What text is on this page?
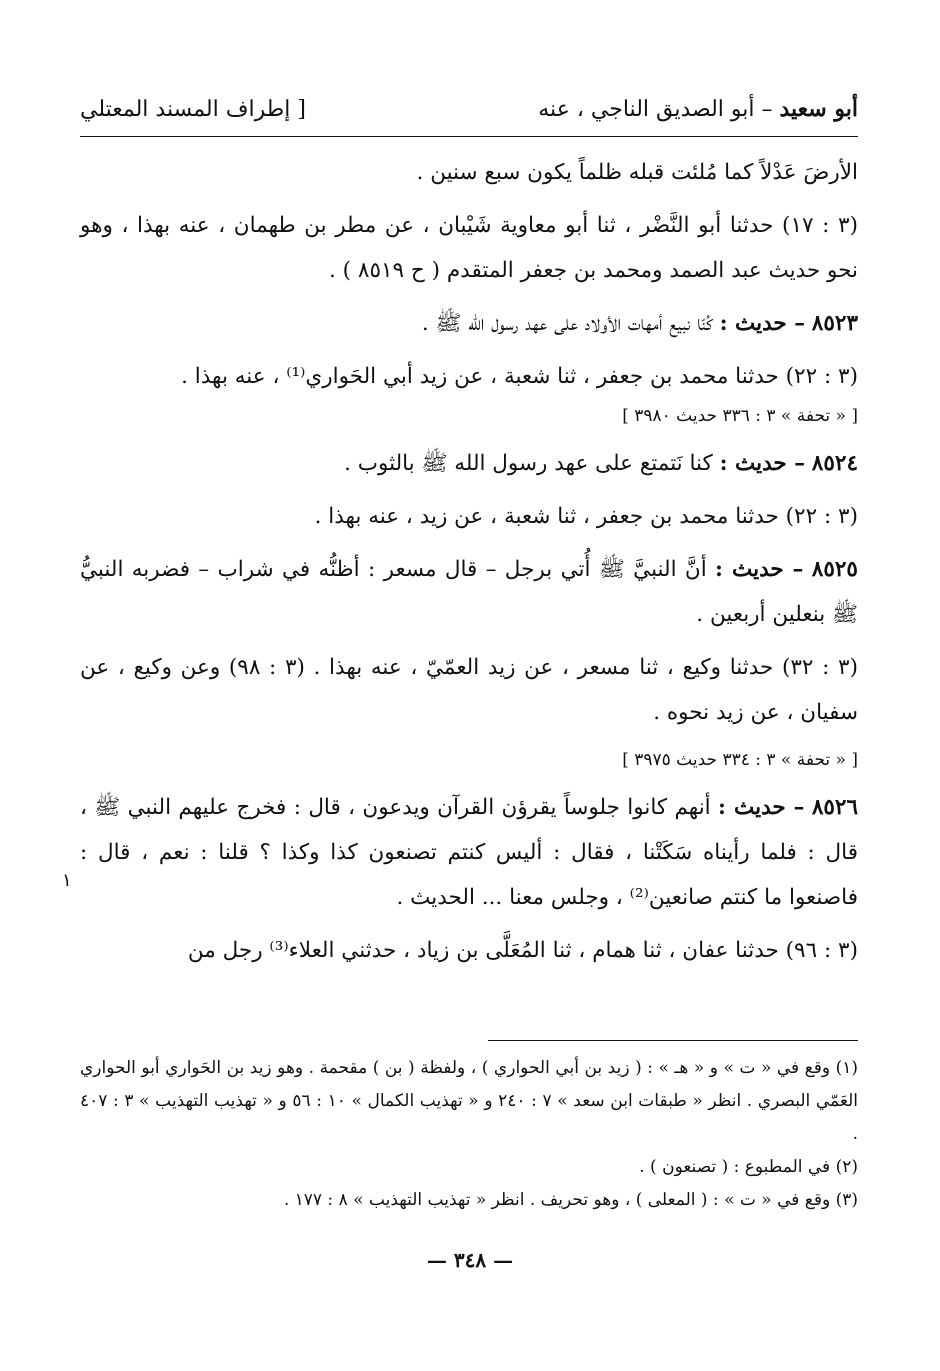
أبو سعيد – أبو الصديق الناجي ، عنه
[ إطراف المسند المعتلي

الأرضَ عَدْلاً كما مُلئت قبله ظلماً يكون سبع سنين .

(٣ : ١٧) حدثنا أبو النَّضْر ، ثنا أبو معاوية شَيْبان ، عن مطر بن طهمان ، عنه بهذا ، وهو نحو حديث عبد الصمد ومحمد بن جعفر المتقدم ( ح ٨٥١٩ ) .

٨٥٢٣ – حديث : كُنّا نبيع أمهات الأولاد على عهد رسول الله ﷺ .

(٣ : ٢٢) حدثنا محمد بن جعفر ، ثنا شعبة ، عن زيد أبي الحَواري⁽¹⁾ ، عنه بهذا .

[ « تحفة » ٣ : ٣٣٦ حديث ٣٩٨٠ ]

٨٥٢٤ – حديث : كنا نَتمتع على عهد رسول الله ﷺ بالثوب .

(٣ : ٢٢) حدثنا محمد بن جعفر ، ثنا شعبة ، عن زيد ، عنه بهذا .

٨٥٢٥ – حديث : أنَّ النبيَّ ﷺ أُتي برجل – قال مسعر : أظنُّه في شراب – فضربه النبيُّ ﷺ بنعلين أربعين .

(٣ : ٣٢) حدثنا وكيع ، ثنا مسعر ، عن زيد العمّيّ ، عنه بهذا . (٣ : ٩٨) وعن وكيع ، عن سفيان ، عن زيد نحوه .

[ « تحفة » ٣ : ٣٣٤ حديث ٣٩٧٥ ]

٨٥٢٦ – حديث : أنهم كانوا جلوساً يقرؤن القرآن ويدعون ، قال : فخرج عليهم النبي ﷺ ، قال : فلما رأيناه سَكَتْنا ، فقال : أليس كنتم تصنعون كذا وكذا ؟ قلنا : نعم ، قال : فاصنعوا ما كنتم صانعين⁽²⁾ ، وجلس معنا ... الحديث .

(٣ : ٩٦) حدثنا عفان ، ثنا همام ، ثنا المُعَلَّى بن زياد ، حدثني العلاء⁽³⁾ رجل من

١

(١) وقع في « ت » و « هـ » : ( زيد بن أبي الحواري ) ، ولفظة ( بن ) مقحمة . وهو زيد بن الحَواري أبو الحواري العَمّي البصري . انظر « طبقات ابن سعد » ٧ : ٢٤٠ و « تهذيب الكمال » ١٠ : ٥٦ و « تهذيب التهذيب » ٣ : ٤٠٧ .

(٢) في المطبوع : ( تصنعون ) .

(٣) وقع في « ت » : ( المعلى ) ، وهو تحريف . انظر « تهذيب التهذيب » ٨ : ١٧٧ .

— ٣٤٨ —
